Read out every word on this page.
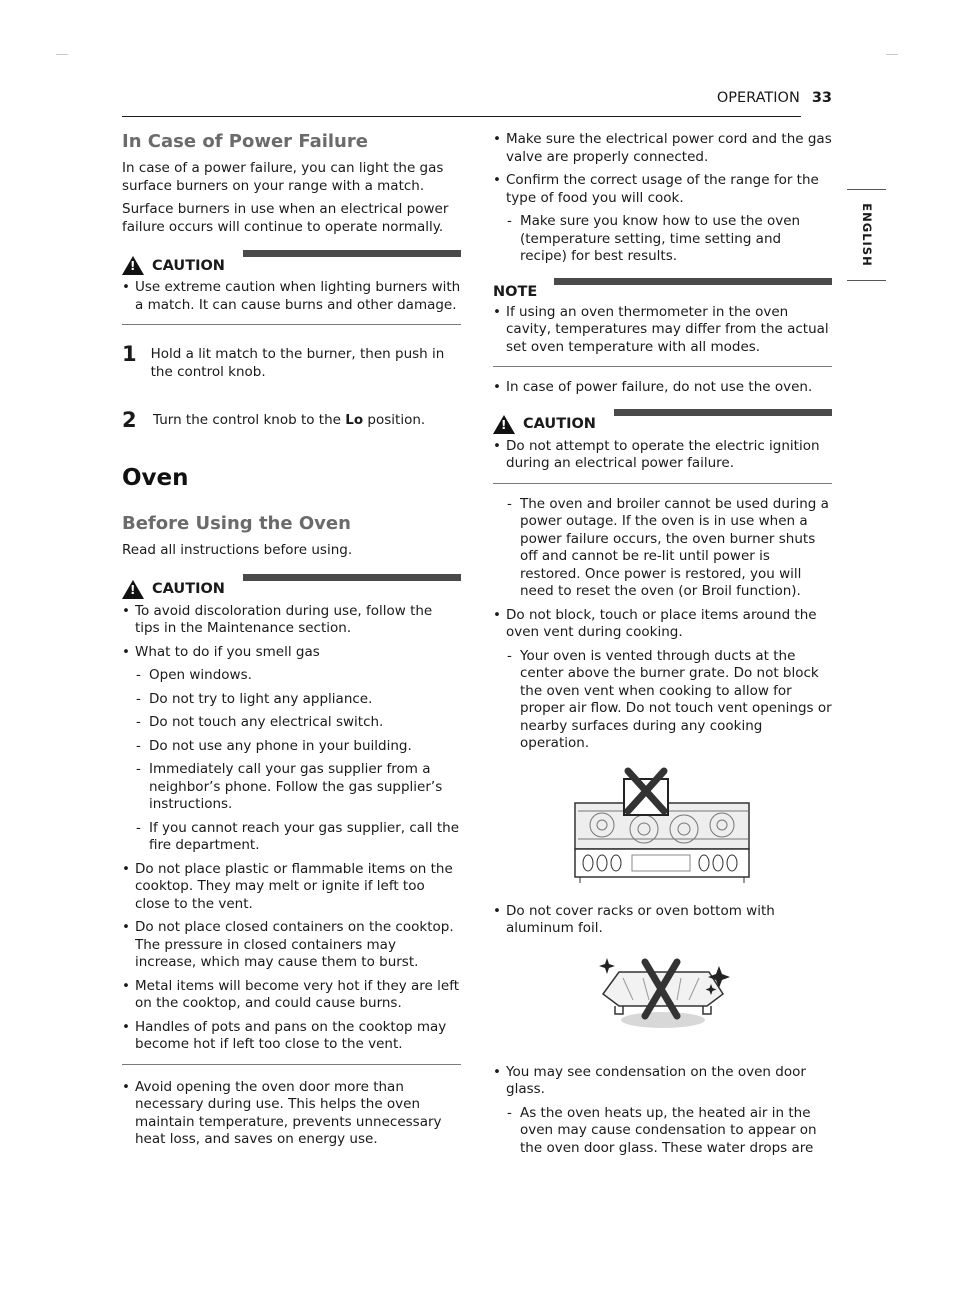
OPERATION 33
ENGLISH
In Case of Power Failure

In case of a power failure, you can light the gas surface burners on your range with a match.

Surface burners in use when an electrical power failure occurs will continue to operate normally.

!
CAUTION
• Use extreme caution when lighting burners with a match. It can cause burns and other damage.
1 Hold a lit match to the burner, then push in the control knob.
2 Turn the control knob to the Lo position.
Oven
Before Using the Oven

Read all instructions before using.

!
CAUTION
• To avoid discoloration during use, follow the tips in the Maintenance section.
• What to do if you smell gas
- Open windows.
- Do not try to light any appliance.
- Do not touch any electrical switch.
- Do not use any phone in your building.
- Immediately call your gas supplier from a neighbor’s phone. Follow the gas supplier’s instructions.
- If you cannot reach your gas supplier, call the fire department.
• Do not place plastic or flammable items on the cooktop. They may melt or ignite if left too close to the vent.
• Do not place closed containers on the cooktop. The pressure in closed containers may increase, which may cause them to burst.
• Metal items will become very hot if they are left on the cooktop, and could cause burns.
• Handles of pots and pans on the cooktop may become hot if left too close to the vent.
• Avoid opening the oven door more than necessary during use. This helps the oven maintain temperature, prevents unnecessary heat loss, and saves on energy use.
• Make sure the electrical power cord and the gas valve are properly connected.
• Confirm the correct usage of the range for the type of food you will cook.
- Make sure you know how to use the oven (temperature setting, time setting and recipe) for best results.
NOTE
• If using an oven thermometer in the oven cavity, temperatures may differ from the actual set oven temperature with all modes.
• In case of power failure, do not use the oven.
!
CAUTION
• Do not attempt to operate the electric ignition during an electrical power failure.
- The oven and broiler cannot be used during a power outage. If the oven is in use when a power failure occurs, the oven burner shuts off and cannot be re-lit until power is restored. Once power is restored, you will need to reset the oven (or Broil function).
• Do not block, touch or place items around the oven vent during cooking.
- Your oven is vented through ducts at the center above the burner grate. Do not block the oven vent when cooking to allow for proper air flow. Do not touch vent openings or nearby surfaces during any cooking operation.
• Do not cover racks or oven bottom with aluminum foil.
• You may see condensation on the oven door glass.
- As the oven heats up, the heated air in the oven may cause condensation to appear on the oven door glass. These water drops are
